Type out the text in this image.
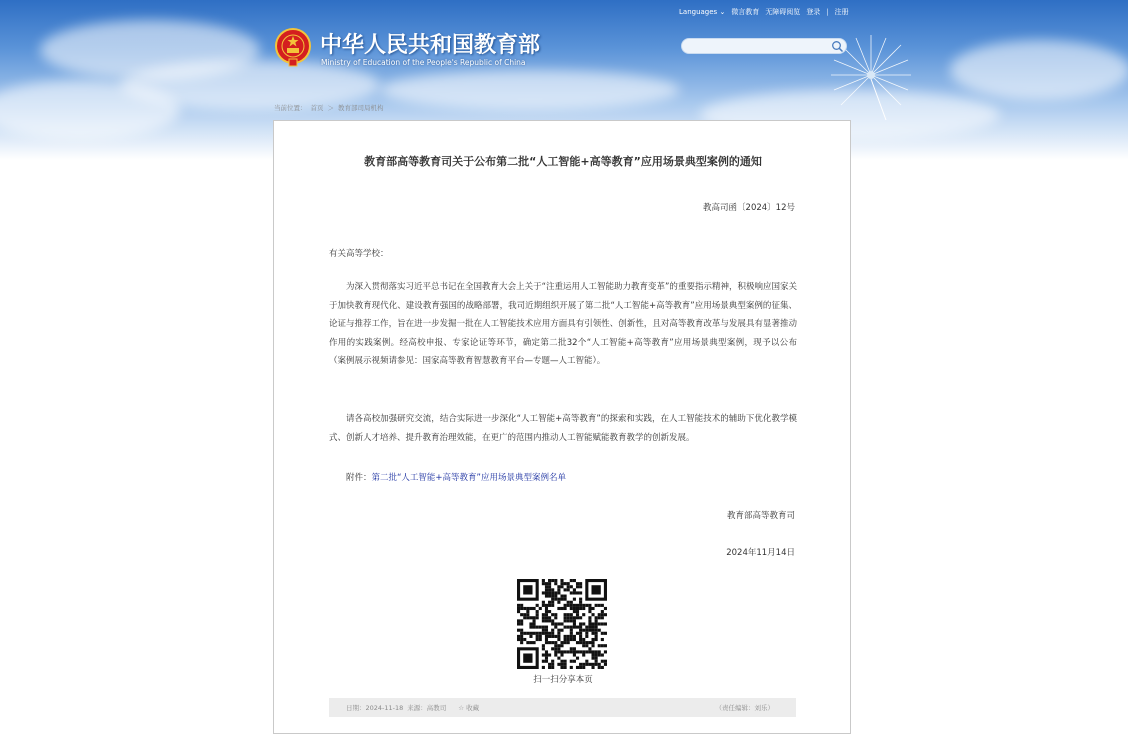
中华人民共和国教育部
Ministry of Education of the People's Republic of China
Languages ⌄ 微言教育 无障碍阅览 登录 | 注册
当前位置： 首页 ＞ 教育部司局机构
教育部高等教育司关于公布第二批“人工智能+高等教育”应用场景典型案例的通知
教高司函〔2024〕12号
有关高等学校：
为深入贯彻落实习近平总书记在全国教育大会上关于“注重运用人工智能助力教育变革”的重要指示精神，积极响应国家关于加快教育现代化、建设教育强国的战略部署，我司近期组织开展了第二批“人工智能+高等教育”应用场景典型案例的征集、论证与推荐工作，旨在进一步发掘一批在人工智能技术应用方面具有引领性、创新性，且对高等教育改革与发展具有显著推动作用的实践案例。经高校申报、专家论证等环节，确定第二批32个“人工智能+高等教育”应用场景典型案例，现予以公布（案例展示视频请参见：国家高等教育智慧教育平台—专题—人工智能）。
请各高校加强研究交流，结合实际进一步深化“人工智能+高等教育”的探索和实践，在人工智能技术的辅助下优化教学模式、创新人才培养、提升教育治理效能，在更广的范围内推动人工智能赋能教育教学的创新发展。
附件：第二批“人工智能+高等教育”应用场景典型案例名单
教育部高等教育司
2024年11月14日
扫一扫分享本页
日期：2024-11-18 来源：高教司 ☆ 收藏	（责任编辑：刘乐）
